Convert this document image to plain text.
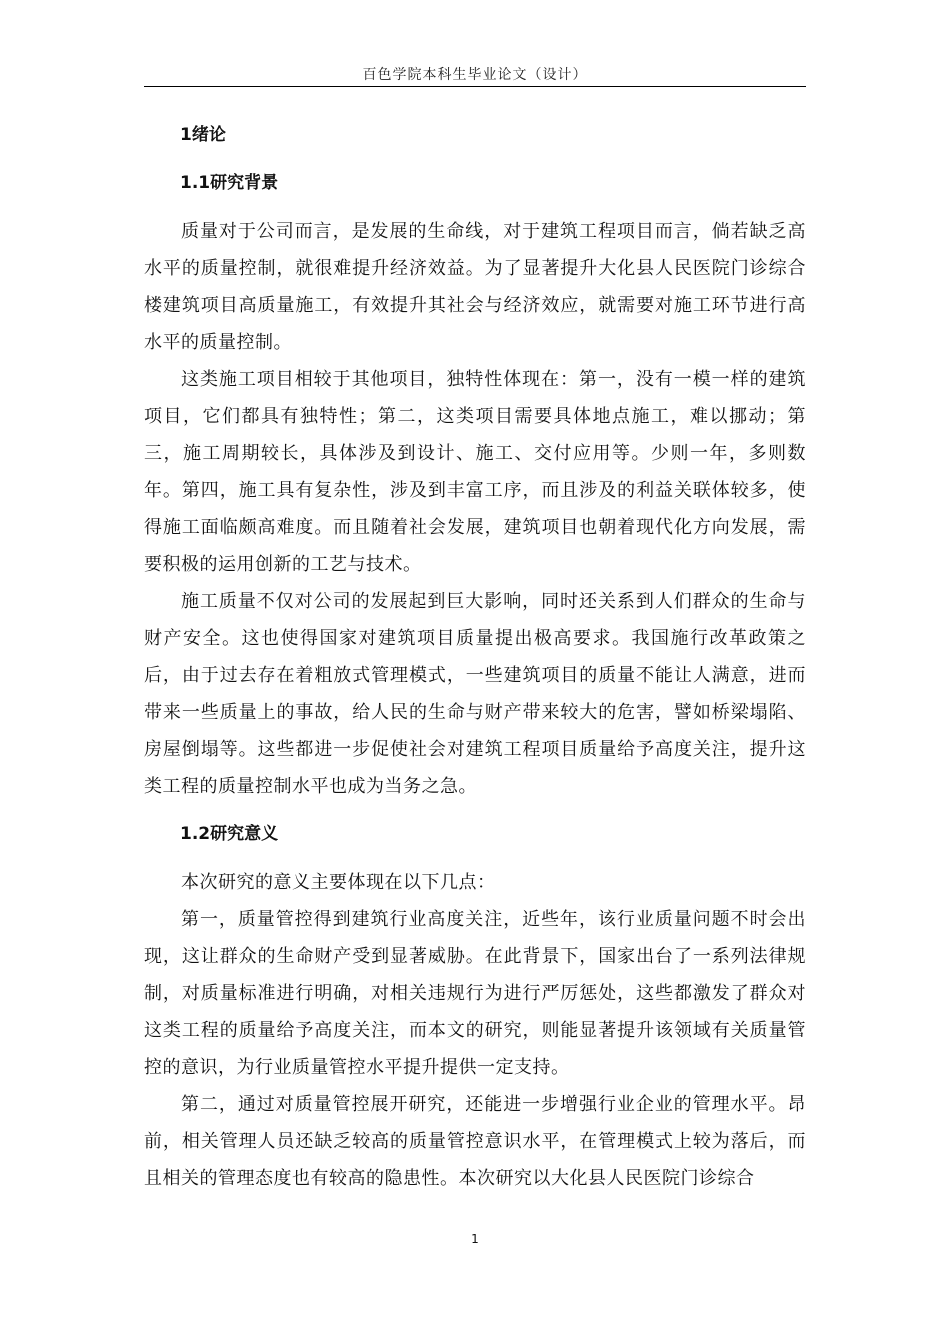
百色学院本科生毕业论文（设计）
1绪论
1.1研究背景

质量对于公司而言，是发展的生命线，对于建筑工程项目而言，倘若缺乏高水平的质量控制，就很难提升经济效益。为了显著提升大化县人民医院门诊综合楼建筑项目高质量施工，有效提升其社会与经济效应，就需要对施工环节进行高水平的质量控制。

这类施工项目相较于其他项目，独特性体现在：第一，没有一模一样的建筑项目，它们都具有独特性；第二，这类项目需要具体地点施工，难以挪动；第三，施工周期较长，具体涉及到设计、施工、交付应用等。少则一年，多则数年。第四，施工具有复杂性，涉及到丰富工序，而且涉及的利益关联体较多，使得施工面临颇高难度。而且随着社会发展，建筑项目也朝着现代化方向发展，需要积极的运用创新的工艺与技术。

施工质量不仅对公司的发展起到巨大影响，同时还关系到人们群众的生命与财产安全。这也使得国家对建筑项目质量提出极高要求。我国施行改革政策之后，由于过去存在着粗放式管理模式，一些建筑项目的质量不能让人满意，进而带来一些质量上的事故，给人民的生命与财产带来较大的危害，譬如桥梁塌陷、房屋倒塌等。这些都进一步促使社会对建筑工程项目质量给予高度关注，提升这类工程的质量控制水平也成为当务之急。

1.2研究意义

本次研究的意义主要体现在以下几点：

第一，质量管控得到建筑行业高度关注，近些年，该行业质量问题不时会出现，这让群众的生命财产受到显著威胁。在此背景下，国家出台了一系列法律规制，对质量标准进行明确，对相关违规行为进行严厉惩处，这些都激发了群众对这类工程的质量给予高度关注，而本文的研究，则能显著提升该领域有关质量管控的意识，为行业质量管控水平提升提供一定支持。

第二，通过对质量管控展开研究，还能进一步增强行业企业的管理水平。昂前，相关管理人员还缺乏较高的质量管控意识水平，在管理模式上较为落后，而且相关的管理态度也有较高的隐患性。本次研究以大化县人民医院门诊综合

1
